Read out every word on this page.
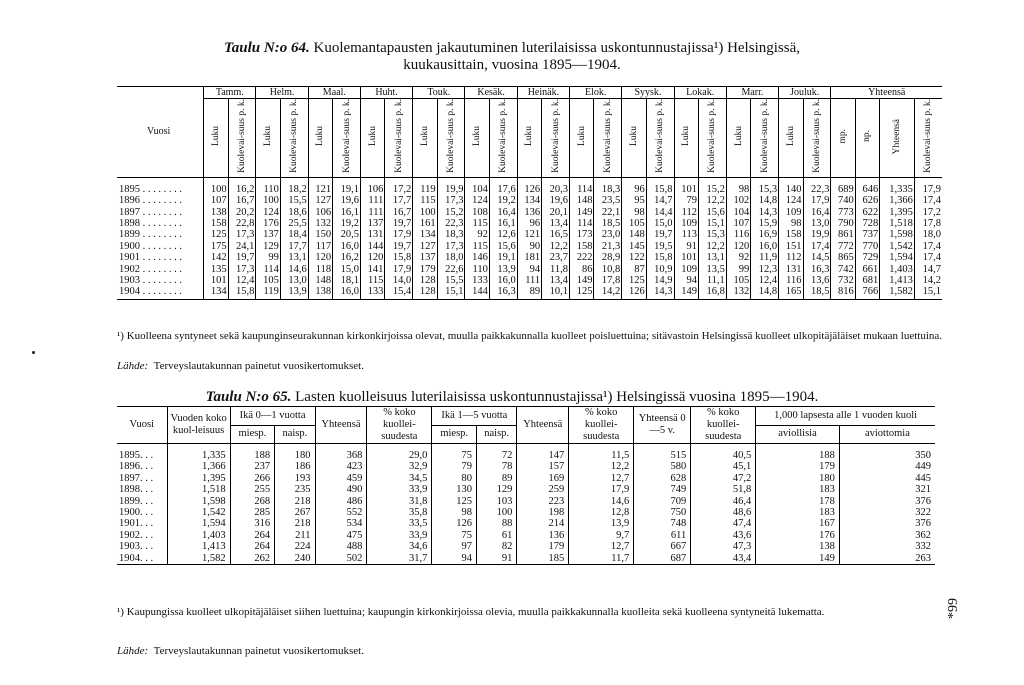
Taulu N:o 64. Kuolemantapausten jakautuminen luterilaisissa uskontunnustajissa¹) Helsingissä,
kuukausittain, vuosina 1895—1904.
Vuosi	Tamm.		Helm.		Maal.		Huht.		Touk.		Kesäk.		Heinäk.		Elok.		Syysk.		Lokak.		Marr.		Jouluk.		Yhteensä			
	Luku	Kuolevai-suus p. k.	Luku	Kuolevai-suus p. k.	Luku	Kuolevai-suus p. k.	Luku	Kuolevai-suus p. k.	Luku	Kuolevai-suus p. k.	Luku	Kuolevai-suus p. k.	Luku	Kuolevai-suus p. k.	Luku	Kuolevai-suus p. k.	Luku	Kuolevai-suus p. k.	Luku	Kuolevai-suus p. k.	Luku	Kuolevai-suus p. k.	Luku	Kuolevai-suus p. k.	mp.	np.	Yhteensä	Kuolevai-suus p. k.
1895 . . . . . . . .	100	16,2	110	18,2	121	19,1	106	17,2	119	19,9	104	17,6	126	20,3	114	18,3	96	15,8	101	15,2	98	15,3	140	22,3	689	646	1,335	17,9
1896 . . . . . . . .	107	16,7	100	15,5	127	19,6	111	17,7	115	17,3	124	19,2	134	19,6	148	23,5	95	14,7	79	12,2	102	14,8	124	17,9	740	626	1,366	17,4
1897 . . . . . . . .	138	20,2	124	18,6	106	16,1	111	16,7	100	15,2	108	16,4	136	20,1	149	22,1	98	14,4	112	15,6	104	14,3	109	16,4	773	622	1,395	17,2
1898 . . . . . . . .	158	22,8	176	25,5	132	19,2	137	19,7	161	22,3	115	16,1	96	13,4	114	18,5	105	15,0	109	15,1	107	15,9	98	13,0	790	728	1,518	17,8
1899 . . . . . . . .	125	17,3	137	18,4	150	20,5	131	17,9	134	18,3	92	12,6	121	16,5	173	23,0	148	19,7	113	15,3	116	16,9	158	19,9	861	737	1,598	18,0
1900 . . . . . . . .	175	24,1	129	17,7	117	16,0	144	19,7	127	17,3	115	15,6	90	12,2	158	21,3	145	19,5	91	12,2	120	16,0	151	17,4	772	770	1,542	17,4
1901 . . . . . . . .	142	19,7	99	13,1	120	16,2	120	15,8	137	18,0	146	19,1	181	23,7	222	28,9	122	15,8	101	13,1	92	11,9	112	14,5	865	729	1,594	17,4
1902 . . . . . . . .	135	17,3	114	14,6	118	15,0	141	17,9	179	22,6	110	13,9	94	11,8	86	10,8	87	10,9	109	13,5	99	12,3	131	16,3	742	661	1,403	14,7
1903 . . . . . . . .	101	12,4	105	13,0	148	18,1	115	14,0	128	15,5	133	16,0	111	13,4	149	17,8	125	14,9	94	11,1	105	12,4	116	13,6	732	681	1,413	14,2
1904 . . . . . . . .	134	15,8	119	13,9	138	16,0	133	15,4	128	15,1	144	16,3	89	10,1	125	14,2	126	14,3	149	16,8	132	14,8	165	18,5	816	766	1,582	15,1
¹) Kuolleena syntyneet sekä kaupunginseurakunnan kirkonkirjoissa olevat, muulla paikkakunnalla kuolleet poisluettuina; sitävastoin Helsingissä kuolleet ulkopitäjäläiset mukaan luettuina.
Lähde: Terveyslautakunnan painetut vuosikertomukset.
Taulu N:o 65. Lasten kuolleisuus luterilaisissa uskontunnustajissa¹) Helsingissä vuosina 1895—1904.
Vuosi	Vuoden koko kuol-leisuus	Ikä 0—1 vuotta		Yhteensä	% koko kuollei-suudesta	Ikä 1—5 vuotta		Yhteensä	% koko kuollei-suudesta	Yhteensä 0—5 v.	% koko kuollei-suudesta	1,000 lapsesta alle 1 vuoden kuoli	
		miesp.	naisp.			miesp.	naisp.					aviollisia	aviottomia
1895. . .	1,335	188	180	368	29,0	75	72	147	11,5	515	40,5	188	350
1896. . .	1,366	237	186	423	32,9	79	78	157	12,2	580	45,1	179	449
1897. . .	1,395	266	193	459	34,5	80	89	169	12,7	628	47,2	180	445
1898. . .	1,518	255	235	490	33,9	130	129	259	17,9	749	51,8	183	321
1899. . .	1,598	268	218	486	31,8	125	103	223	14,6	709	46,4	178	376
1900. . .	1,542	285	267	552	35,8	98	100	198	12,8	750	48,6	183	322
1901. . .	1,594	316	218	534	33,5	126	88	214	13,9	748	47,4	167	376
1902. . .	1,403	264	211	475	33,9	75	61	136	9,7	611	43,6	176	362
1903. . .	1,413	264	224	488	34,6	97	82	179	12,7	667	47,3	138	332
1904. . .	1,582	262	240	502	31,7	94	91	185	11,7	687	43,4	149	263
¹) Kaupungissa kuolleet ulkopitäjäläiset siihen luettuina; kaupungin kirkonkirjoissa olevia, muulla paikkakunnalla kuolleita sekä kuolleena syntyneitä lukematta.
Lähde: Terveyslautakunnan painetut vuosikertomukset.
*99
